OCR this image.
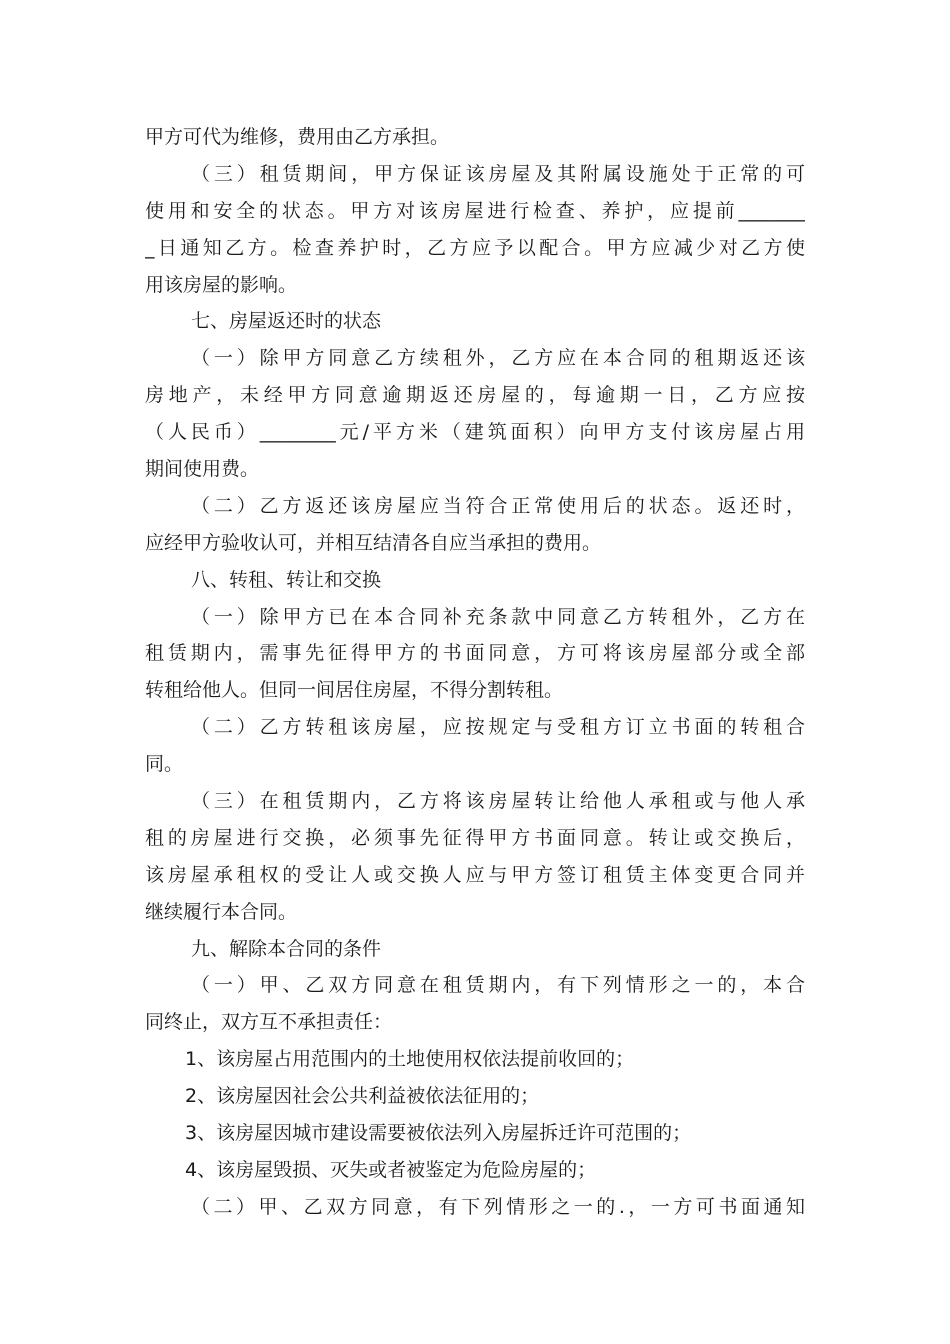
甲方可代为维修，费用由乙方承担。
（三）租赁期间，甲方保证该房屋及其附属设施处于正常的可
使用和安全的状态。甲方对该房屋进行检查、养护，应提前_______
_日通知乙方。检查养护时，乙方应予以配合。甲方应减少对乙方使
用该房屋的影响。
七、房屋返还时的状态
（一）除甲方同意乙方续租外，乙方应在本合同的租期返还该
房地产，未经甲方同意逾期返还房屋的，每逾期一日，乙方应按
（人民币）________元/平方米（建筑面积）向甲方支付该房屋占用
期间使用费。
（二）乙方返还该房屋应当符合正常使用后的状态。返还时，
应经甲方验收认可，并相互结清各自应当承担的费用。
八、转租、转让和交换
（一）除甲方已在本合同补充条款中同意乙方转租外，乙方在
租赁期内，需事先征得甲方的书面同意，方可将该房屋部分或全部
转租给他人。但同一间居住房屋，不得分割转租。
（二）乙方转租该房屋，应按规定与受租方订立书面的转租合
同。
（三）在租赁期内，乙方将该房屋转让给他人承租或与他人承
租的房屋进行交换，必须事先征得甲方书面同意。转让或交换后，
该房屋承租权的受让人或交换人应与甲方签订租赁主体变更合同并
继续履行本合同。
九、解除本合同的条件
（一）甲、乙双方同意在租赁期内，有下列情形之一的，本合
同终止，双方互不承担责任：
1、该房屋占用范围内的土地使用权依法提前收回的；
2、该房屋因社会公共利益被依法征用的；
3、该房屋因城市建设需要被依法列入房屋拆迁许可范围的；
4、该房屋毁损、灭失或者被鉴定为危险房屋的；
（二）甲、乙双方同意，有下列情形之一的.，一方可书面通知
